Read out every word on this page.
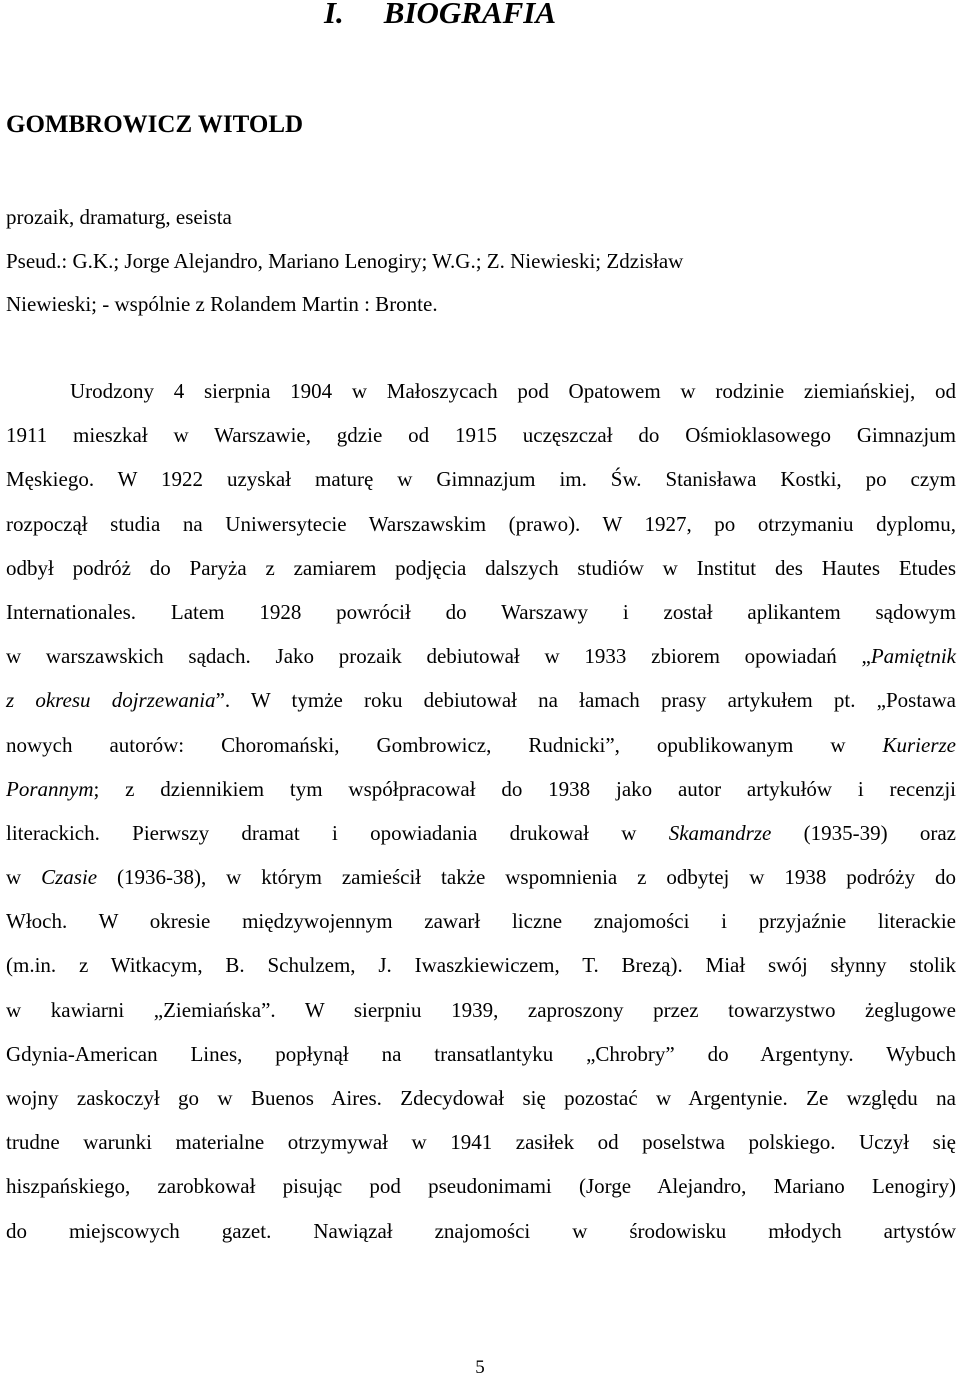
I. BIOGRAFIA
GOMBROWICZ WITOLD
prozaik, dramaturg, eseista
Pseud.: G.K.; Jorge Alejandro, Mariano Lenogiry; W.G.; Z. Niewieski; Zdzisław
Niewieski; - wspólnie z Rolandem Martin : Bronte.
Urodzony 4 sierpnia 1904 w Małoszycach pod Opatowem w rodzinie ziemiańskiej, od
1911 mieszkał w Warszawie, gdzie od 1915 uczęszczał do Ośmioklasowego Gimnazjum
Męskiego. W 1922 uzyskał maturę w Gimnazjum im. Św. Stanisława Kostki, po czym
rozpoczął studia na Uniwersytecie Warszawskim (prawo). W 1927, po otrzymaniu dyplomu,
odbył podróż do Paryża z zamiarem podjęcia dalszych studiów w Institut des Hautes Etudes
Internationales. Latem 1928 powrócił do Warszawy i został aplikantem sądowym
w warszawskich sądach. Jako prozaik debiutował w 1933 zbiorem opowiadań „Pamiętnik
z okresu dojrzewania”. W tymże roku debiutował na łamach prasy artykułem pt. „Postawa
nowych autorów: Choromański, Gombrowicz, Rudnicki”, opublikowanym w Kurierze
Porannym; z dziennikiem tym współpracował do 1938 jako autor artykułów i recenzji
literackich. Pierwszy dramat i opowiadania drukował w Skamandrze (1935-39) oraz
w Czasie (1936-38), w którym zamieścił także wspomnienia z odbytej w 1938 podróży do
Włoch. W okresie międzywojennym zawarł liczne znajomości i przyjaźnie literackie
(m.in. z Witkacym, B. Schulzem, J. Iwaszkiewiczem, T. Brezą). Miał swój słynny stolik
w kawiarni „Ziemiańska”. W sierpniu 1939, zaproszony przez towarzystwo żeglugowe
Gdynia-American Lines, popłynął na transatlantyku „Chrobry” do Argentyny. Wybuch
wojny zaskoczył go w Buenos Aires. Zdecydował się pozostać w Argentynie. Ze względu na
trudne warunki materialne otrzymywał w 1941 zasiłek od poselstwa polskiego. Uczył się
hiszpańskiego, zarobkował pisując pod pseudonimami (Jorge Alejandro, Mariano Lenogiry)
do miejscowych gazet. Nawiązał znajomości w środowisku młodych artystów
5
